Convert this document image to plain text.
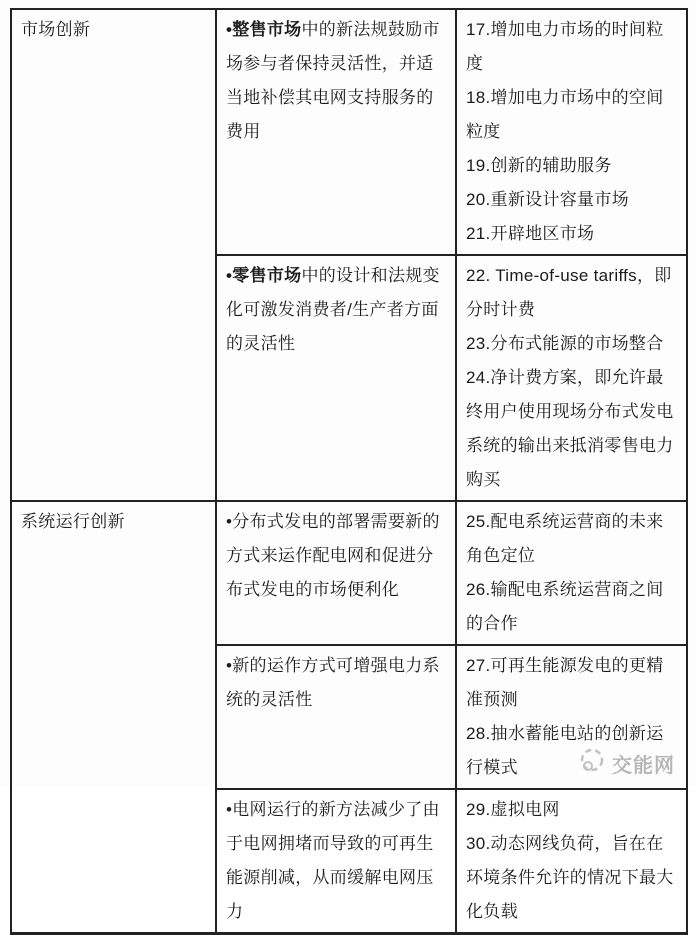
市场创新	•整售市场中的新法规鼓励市场参与者保持灵活性，并适当地补偿其电网支持服务的费用	17.增加电力市场的时间粒度
18.增加电力市场中的空间粒度
19.创新的辅助服务
20.重新设计容量市场
21.开辟地区市场

	•零售市场中的设计和法规变化可激发消费者/生产者方面的灵活性	22. Time-of-use tariffs，即分时计费
23.分布式能源的市场整合
24.净计费方案，即允许最终用户使用现场分布式发电系统的输出来抵消零售电力购买

系统运行创新	•分布式发电的部署需要新的方式来运作配电网和促进分布式发电的市场便利化	25.配电系统运营商的未来角色定位
26.输配电系统运营商之间的合作

	•新的运作方式可增强电力系统的灵活性	27.可再生能源发电的更精准预测
28.抽水蓄能电站的创新运行模式

	•电网运行的新方法减少了由于电网拥堵而导致的可再生能源削减，从而缓解电网压力	29.虚拟电网
30.动态网线负荷，旨在在环境条件允许的情况下最大化负载
交能网
